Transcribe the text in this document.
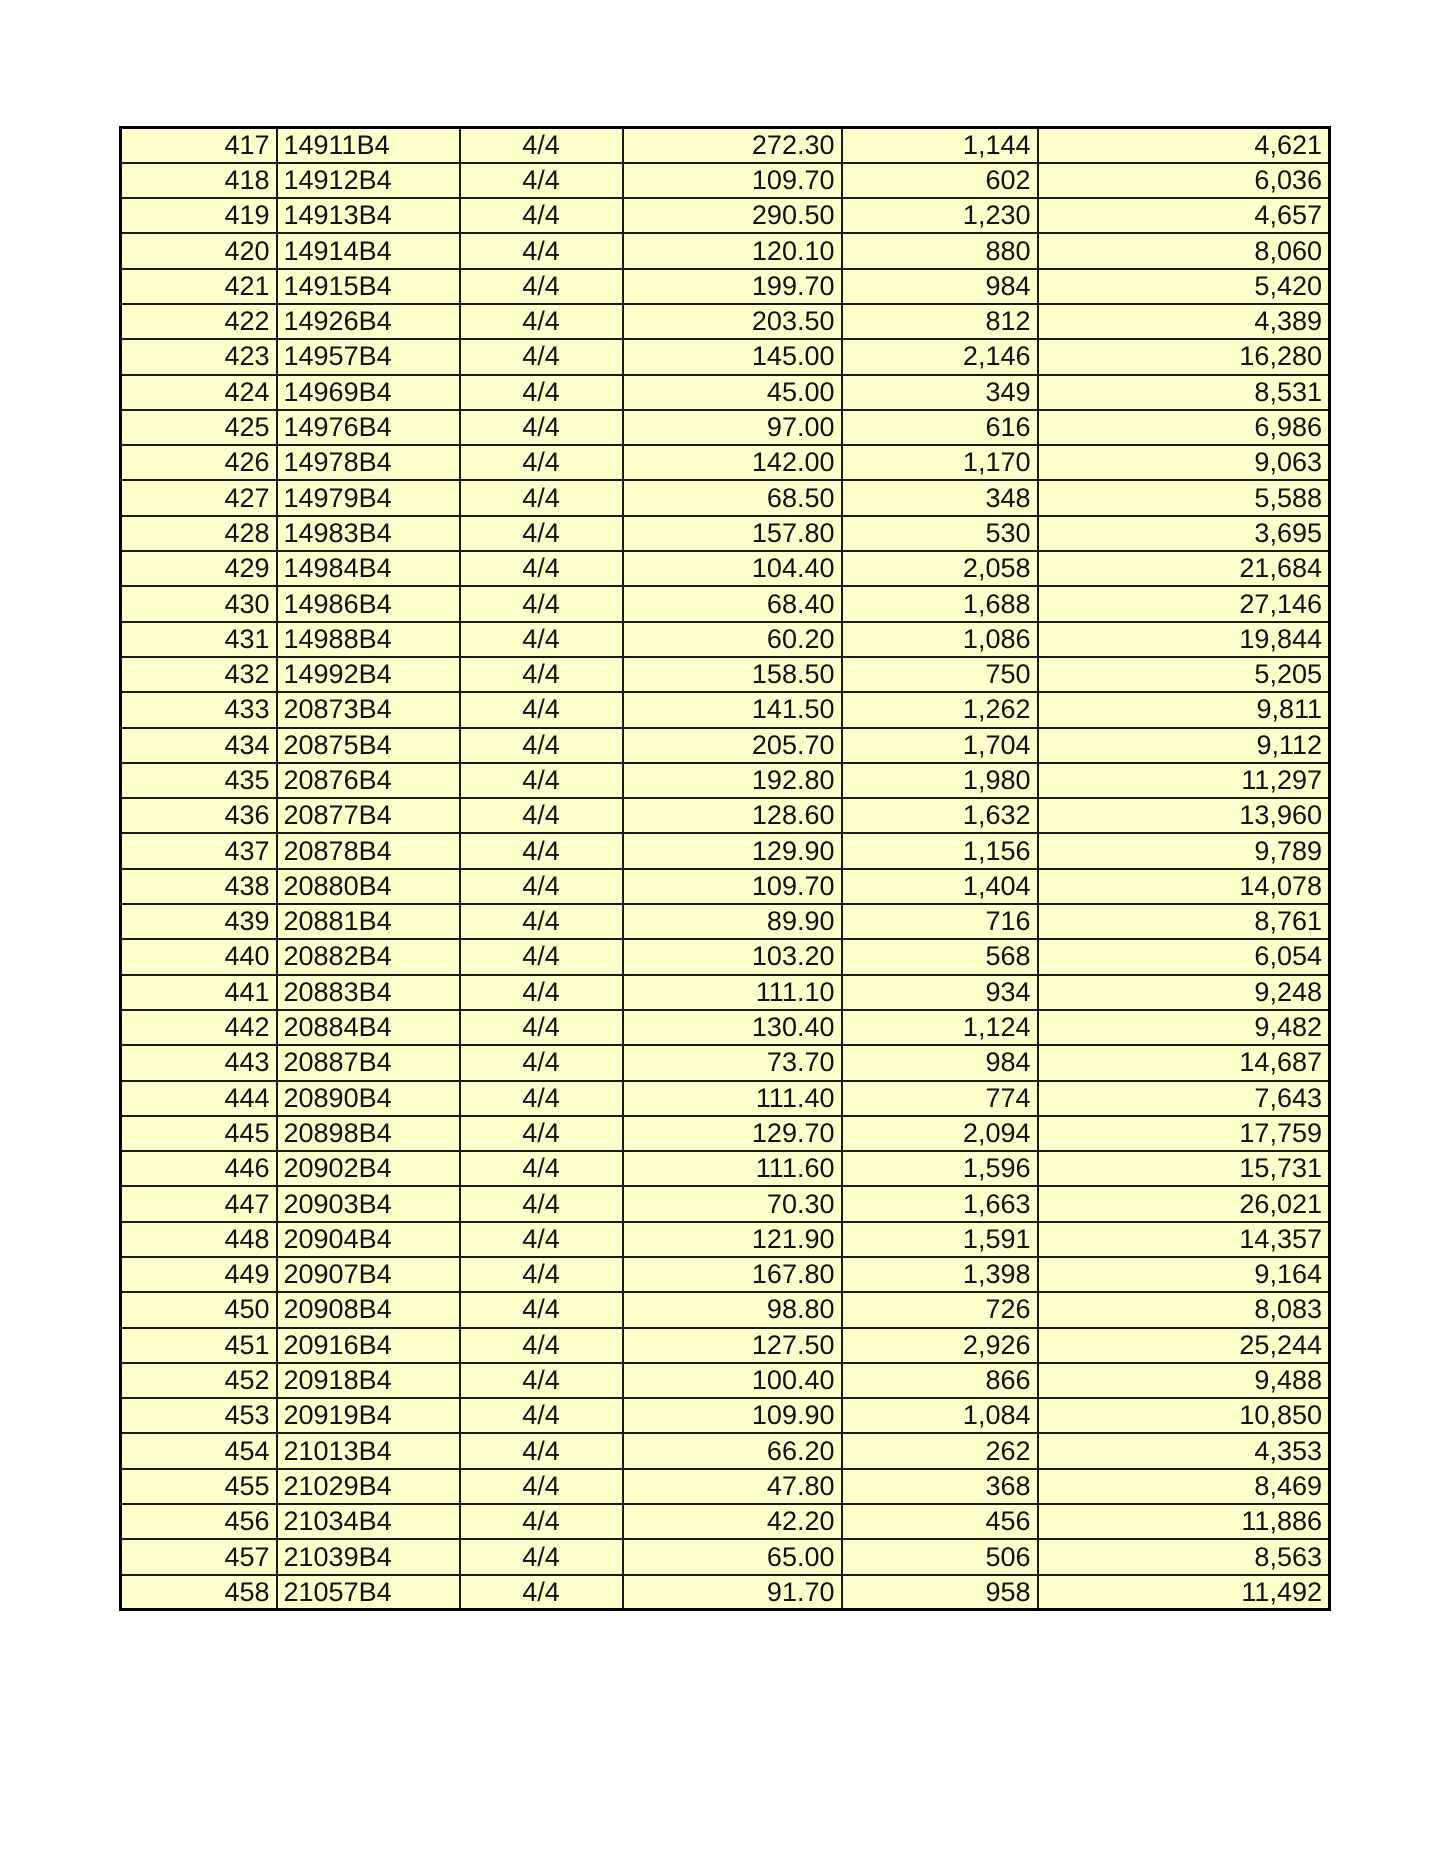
417	14911B4	4/4	272.30	1,144	4,621
418	14912B4	4/4	109.70	602	6,036
419	14913B4	4/4	290.50	1,230	4,657
420	14914B4	4/4	120.10	880	8,060
421	14915B4	4/4	199.70	984	5,420
422	14926B4	4/4	203.50	812	4,389
423	14957B4	4/4	145.00	2,146	16,280
424	14969B4	4/4	45.00	349	8,531
425	14976B4	4/4	97.00	616	6,986
426	14978B4	4/4	142.00	1,170	9,063
427	14979B4	4/4	68.50	348	5,588
428	14983B4	4/4	157.80	530	3,695
429	14984B4	4/4	104.40	2,058	21,684
430	14986B4	4/4	68.40	1,688	27,146
431	14988B4	4/4	60.20	1,086	19,844
432	14992B4	4/4	158.50	750	5,205
433	20873B4	4/4	141.50	1,262	9,811
434	20875B4	4/4	205.70	1,704	9,112
435	20876B4	4/4	192.80	1,980	11,297
436	20877B4	4/4	128.60	1,632	13,960
437	20878B4	4/4	129.90	1,156	9,789
438	20880B4	4/4	109.70	1,404	14,078
439	20881B4	4/4	89.90	716	8,761
440	20882B4	4/4	103.20	568	6,054
441	20883B4	4/4	111.10	934	9,248
442	20884B4	4/4	130.40	1,124	9,482
443	20887B4	4/4	73.70	984	14,687
444	20890B4	4/4	111.40	774	7,643
445	20898B4	4/4	129.70	2,094	17,759
446	20902B4	4/4	111.60	1,596	15,731
447	20903B4	4/4	70.30	1,663	26,021
448	20904B4	4/4	121.90	1,591	14,357
449	20907B4	4/4	167.80	1,398	9,164
450	20908B4	4/4	98.80	726	8,083
451	20916B4	4/4	127.50	2,926	25,244
452	20918B4	4/4	100.40	866	9,488
453	20919B4	4/4	109.90	1,084	10,850
454	21013B4	4/4	66.20	262	4,353
455	21029B4	4/4	47.80	368	8,469
456	21034B4	4/4	42.20	456	11,886
457	21039B4	4/4	65.00	506	8,563
458	21057B4	4/4	91.70	958	11,492
